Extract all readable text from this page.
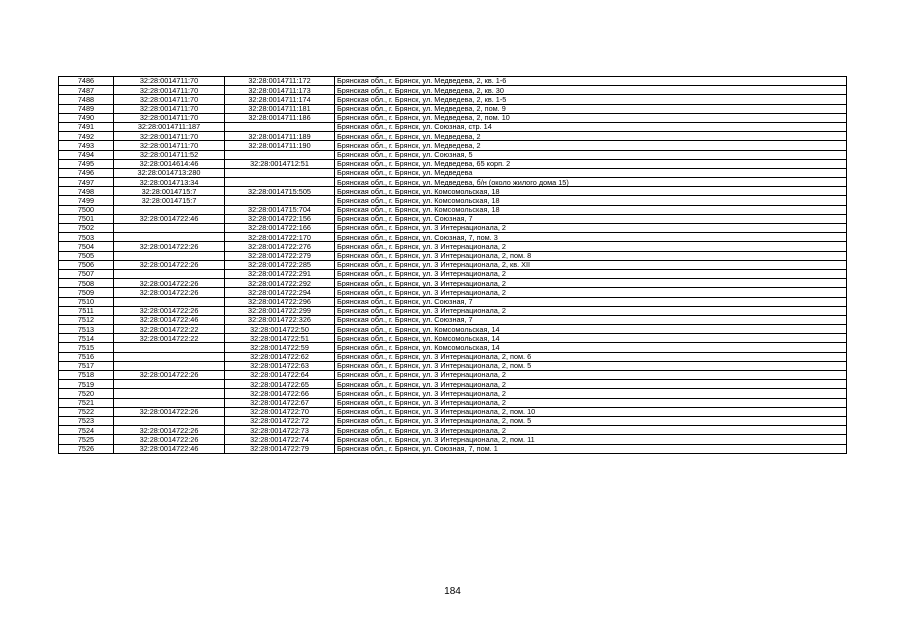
7486	32:28:0014711:70	32:28:0014711:172	Брянская обл., г. Брянск, ул. Медведева, 2, кв. 1-6
7487	32:28:0014711:70	32:28:0014711:173	Брянская обл., г. Брянск, ул. Медведева, 2, кв. 30
7488	32:28:0014711:70	32:28:0014711:174	Брянская обл., г. Брянск, ул. Медведева, 2, кв. 1-5
7489	32:28:0014711:70	32:28:0014711:181	Брянская обл., г. Брянск, ул. Медведева, 2, пом. 9
7490	32:28:0014711:70	32:28:0014711:186	Брянская обл., г. Брянск, ул. Медведева, 2, пом. 10
7491	32:28:0014711:187		Брянская обл., г. Брянск, ул. Союзная, стр. 14
7492	32:28:0014711:70	32:28:0014711:189	Брянская обл., г. Брянск, ул. Медведева, 2
7493	32:28:0014711:70	32:28:0014711:190	Брянская обл., г. Брянск, ул. Медведева, 2
7494	32:28:0014711:52		Брянская обл., г. Брянск, ул. Союзная, 5
7495	32:28:0014614:46	32:28:0014712:51	Брянская обл., г. Брянск, ул. Медведева, 65 корп. 2
7496	32:28:0014713:280		Брянская обл., г. Брянск, ул. Медведева
7497	32:28:0014713:34		Брянская обл., г. Брянск, ул. Медведева, б/н (около жилого дома 15)
7498	32:28:0014715:7	32:28:0014715:505	Брянская обл., г. Брянск, ул. Комсомольская, 18
7499	32:28:0014715:7		Брянская обл., г. Брянск, ул. Комсомольская, 18
7500		32:28:0014715:704	Брянская обл., г. Брянск, ул. Комсомольская, 18
7501	32:28:0014722:46	32:28:0014722:156	Брянская обл., г. Брянск, ул. Союзная, 7
7502		32:28:0014722:166	Брянская обл., г. Брянск, ул. 3 Интернационала, 2
7503		32:28:0014722:170	Брянская обл., г. Брянск, ул. Союзная, 7, пом. 3
7504	32:28:0014722:26	32:28:0014722:276	Брянская обл., г. Брянск, ул. 3 Интернационала, 2
7505		32:28:0014722:279	Брянская обл., г. Брянск, ул. 3 Интернационала, 2, пом. 8
7506	32:28:0014722:26	32:28:0014722:285	Брянская обл., г. Брянск, ул. 3 Интернационала, 2, кв. XII
7507		32:28:0014722:291	Брянская обл., г. Брянск, ул. 3 Интернационала, 2
7508	32:28:0014722:26	32:28:0014722:292	Брянская обл., г. Брянск, ул. 3 Интернационала, 2
7509	32:28:0014722:26	32:28:0014722:294	Брянская обл., г. Брянск, ул. 3 Интернационала, 2
7510		32:28:0014722:296	Брянская обл., г. Брянск, ул. Союзная, 7
7511	32:28:0014722:26	32:28:0014722:299	Брянская обл., г. Брянск, ул. 3 Интернационала, 2
7512	32:28:0014722:46	32:28:0014722:326	Брянская обл., г. Брянск, ул. Союзная, 7
7513	32:28:0014722:22	32:28:0014722:50	Брянская обл., г. Брянск, ул. Комсомольская, 14
7514	32:28:0014722:22	32:28:0014722:51	Брянская обл., г. Брянск, ул. Комсомольская, 14
7515		32:28:0014722:59	Брянская обл., г. Брянск, ул. Комсомольская, 14
7516		32:28:0014722:62	Брянская обл., г. Брянск, ул. 3 Интернационала, 2, пом. 6
7517		32:28:0014722:63	Брянская обл., г. Брянск, ул. 3 Интернационала, 2, пом. 5
7518	32:28:0014722:26	32:28:0014722:64	Брянская обл., г. Брянск, ул. 3 Интернационала, 2
7519		32:28:0014722:65	Брянская обл., г. Брянск, ул. 3 Интернационала, 2
7520		32:28:0014722:66	Брянская обл., г. Брянск, ул. 3 Интернационала, 2
7521		32:28:0014722:67	Брянская обл., г. Брянск, ул. 3 Интернационала, 2
7522	32:28:0014722:26	32:28:0014722:70	Брянская обл., г. Брянск, ул. 3 Интернационала, 2, пом. 10
7523		32:28:0014722:72	Брянская обл., г. Брянск, ул. 3 Интернационала, 2, пом. 5
7524	32:28:0014722:26	32:28:0014722:73	Брянская обл., г. Брянск, ул. 3 Интернационала, 2
7525	32:28:0014722:26	32:28:0014722:74	Брянская обл., г. Брянск, ул. 3 Интернационала, 2, пом. 11
7526	32:28:0014722:46	32:28:0014722:79	Брянская обл., г. Брянск, ул. Союзная, 7, пом. 1
184
